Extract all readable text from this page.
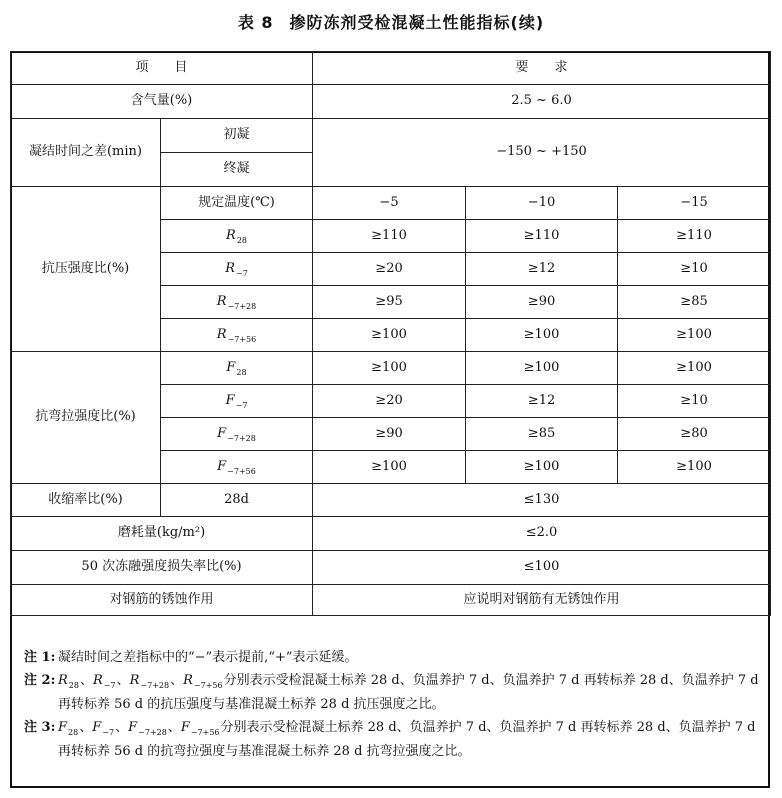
表 8 掺防冻剂受检混凝土性能指标(续)
项　　目		要　　求		
含气量(%)		2.5 ~ 6.0		
凝结时间之差(min)	初凝	−150 ~ +150		
	终凝			
抗压强度比(%)	规定温度(℃)	−5	−10	−15
	$R_{28}$	≥110	≥110	≥110
	$R_{-7}$	≥20	≥12	≥10
	$R_{-7+28}$	≥95	≥90	≥85
	$R_{-7+56}$	≥100	≥100	≥100
抗弯拉强度比(%)	$F_{28}$	≥100	≥100	≥100
	$F_{-7}$	≥20	≥12	≥10
	$F_{-7+28}$	≥90	≥85	≥80
	$F_{-7+56}$	≥100	≥100	≥100
收缩率比(%)	28d	≤130		
磨耗量(kg/m²)		≤2.0		
50 次冻融强度损失率比(%)		≤100		
对钢筋的锈蚀作用		应说明对钢筋有无锈蚀作用		
注 1: 凝结时间之差指标中的“−”表示提前,“+”表示延缓。
注 2: $R_{28}$、$R_{-7}$、$R_{-7+28}$、$R_{-7+56}$分别表示受检混凝土标养 28 d、负温养护 7 d、负温养护 7 d 再转标养 28 d、负温养护 7 d 再转标养 56 d 的抗压强度与基准混凝土标养 28 d 抗压强度之比。
注 3: $F_{28}$、$F_{-7}$、$F_{-7+28}$、$F_{-7+56}$分别表示受检混凝土标养 28 d、负温养护 7 d、负温养护 7 d 再转标养 28 d、负温养护 7 d 再转标养 56 d 的抗弯拉强度与基准混凝土标养 28 d 抗弯拉强度之比。
